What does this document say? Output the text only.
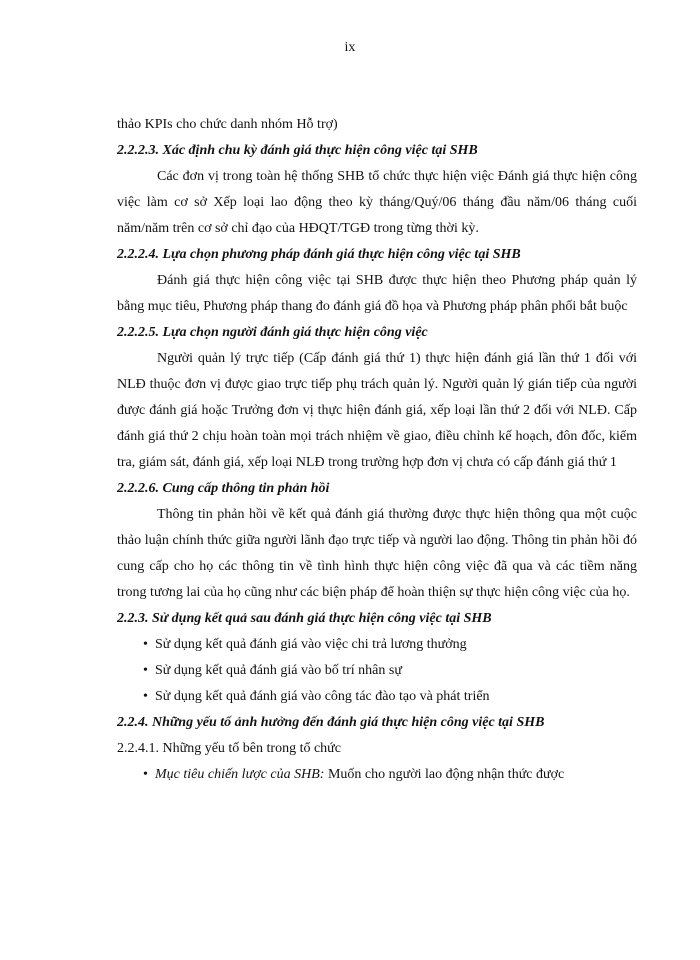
ix

thảo KPIs cho chức danh nhóm Hỗ trợ)

2.2.2.3. Xác định chu kỳ đánh giá thực hiện công việc tại SHB

Các đơn vị trong toàn hệ thống SHB tổ chức thực hiện việc Đánh giá thực hiện công việc làm cơ sở Xếp loại lao động theo kỳ tháng/Quý/06 tháng đầu năm/06 tháng cuối năm/năm trên cơ sở chỉ đạo của HĐQT/TGĐ trong từng thời kỳ.

2.2.2.4. Lựa chọn phương pháp đánh giá thực hiện công việc tại SHB

Đánh giá thực hiện công việc tại SHB được thực hiện theo Phương pháp quản lý bằng mục tiêu, Phương pháp thang đo đánh giá đồ họa và Phương pháp phân phối bắt buộc

2.2.2.5. Lựa chọn người đánh giá thực hiện công việc

Người quản lý trực tiếp (Cấp đánh giá thứ 1) thực hiện đánh giá lần thứ 1 đối với NLĐ thuộc đơn vị được giao trực tiếp phụ trách quản lý. Người quản lý gián tiếp của người được đánh giá hoặc Trưởng đơn vị thực hiện đánh giá, xếp loại lần thứ 2 đối với NLĐ. Cấp đánh giá thứ 2 chịu hoàn toàn mọi trách nhiệm về giao, điều chỉnh kế hoạch, đôn đốc, kiểm tra, giám sát, đánh giá, xếp loại NLĐ trong trường hợp đơn vị chưa có cấp đánh giá thứ 1

2.2.2.6. Cung cấp thông tin phản hồi

Thông tin phản hồi về kết quả đánh giá thường được thực hiện thông qua một cuộc thảo luận chính thức giữa người lãnh đạo trực tiếp và người lao động. Thông tin phản hồi đó cung cấp cho họ các thông tin về tình hình thực hiện công việc đã qua và các tiềm năng trong tương lai của họ cũng như các biện pháp để hoàn thiện sự thực hiện công việc của họ.

2.2.3. Sử dụng kết quả sau đánh giá thực hiện công việc tại SHB

• Sử dụng kết quả đánh giá vào việc chi trả lương thưởng

• Sử dụng kết quả đánh giá vào bố trí nhân sự

• Sử dụng kết quả đánh giá vào công tác đào tạo và phát triển

2.2.4. Những yếu tố ảnh hưởng đến đánh giá thực hiện công việc tại SHB

2.2.4.1. Những yếu tố bên trong tổ chức

• Mục tiêu chiến lược của SHB: Muốn cho người lao động nhận thức được
